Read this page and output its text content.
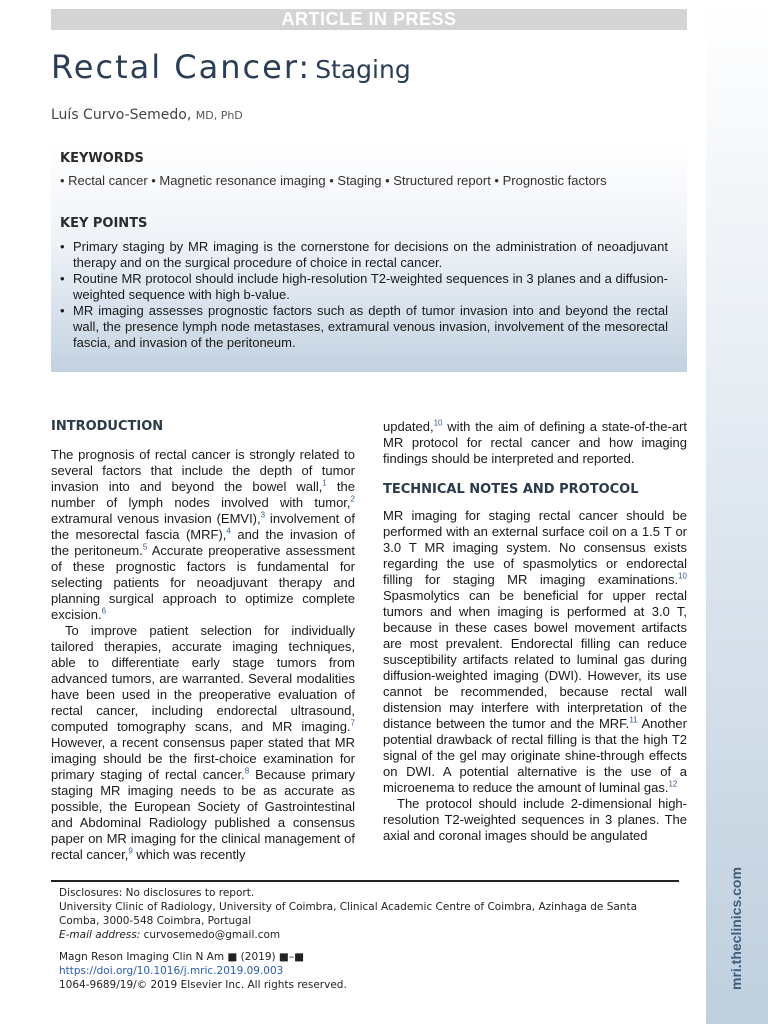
ARTICLE IN PRESS
mri.theclinics.com
Rectal Cancer: Staging
Luís Curvo-Semedo, MD, PhD
KEYWORDS
• Rectal cancer • Magnetic resonance imaging • Staging • Structured report • Prognostic factors
KEY POINTS
• Primary staging by MR imaging is the cornerstone for decisions on the administration of neoadjuvant therapy and on the surgical procedure of choice in rectal cancer.
• Routine MR protocol should include high-resolution T2-weighted sequences in 3 planes and a diffusion-weighted sequence with high b-value.
• MR imaging assesses prognostic factors such as depth of tumor invasion into and beyond the rectal wall, the presence lymph node metastases, extramural venous invasion, involvement of the mesorectal fascia, and invasion of the peritoneum.
INTRODUCTION

The prognosis of rectal cancer is strongly related to several factors that include the depth of tumor invasion into and beyond the bowel wall,$^1$ the number of lymph nodes involved with tumor,$^2$ extramural venous invasion (EMVI),$^3$ involvement of the mesorectal fascia (MRF),$^4$ and the invasion of the peritoneum.$^5$ Accurate preoperative assessment of these prognostic factors is fundamental for selecting patients for neoadjuvant therapy and planning surgical approach to optimize complete excision.$^6$

To improve patient selection for individually tailored therapies, accurate imaging techniques, able to differentiate early stage tumors from advanced tumors, are warranted. Several modalities have been used in the preoperative evaluation of rectal cancer, including endorectal ultrasound, computed tomography scans, and MR imaging.$^7$ However, a recent consensus paper stated that MR imaging should be the first-choice examination for primary staging of rectal cancer.$^8$ Because primary staging MR imaging needs to be as accurate as possible, the European Society of Gastrointestinal and Abdominal Radiology published a consensus paper on MR imaging for the clinical management of rectal cancer,$^9$ which was recently

updated,$^{10}$ with the aim of defining a state-of-the-art MR protocol for rectal cancer and how imaging findings should be interpreted and reported.

TECHNICAL NOTES AND PROTOCOL

MR imaging for staging rectal cancer should be performed with an external surface coil on a 1.5 T or 3.0 T MR imaging system. No consensus exists regarding the use of spasmolytics or endorectal filling for staging MR imaging examinations.$^{10}$ Spasmolytics can be beneficial for upper rectal tumors and when imaging is performed at 3.0 T, because in these cases bowel movement artifacts are most prevalent. Endorectal filling can reduce susceptibility artifacts related to luminal gas during diffusion-weighted imaging (DWI). However, its use cannot be recommended, because rectal wall distension may interfere with interpretation of the distance between the tumor and the MRF.$^{11}$ Another potential drawback of rectal filling is that the high T2 signal of the gel may originate shine-through effects on DWI. A potential alternative is the use of a microenema to reduce the amount of luminal gas.$^{12}$

The protocol should include 2-dimensional high-resolution T2-weighted sequences in 3 planes. The axial and coronal images should be angulated

Disclosures: No disclosures to report.
University Clinic of Radiology, University of Coimbra, Clinical Academic Centre of Coimbra, Azinhaga de Santa Comba, 3000-548 Coimbra, Portugal
E-mail address: curvosemedo@gmail.com
Magn Reson Imaging Clin N Am ■ (2019) ■–■
https://doi.org/10.1016/j.mric.2019.09.003
1064-9689/19/© 2019 Elsevier Inc. All rights reserved.
